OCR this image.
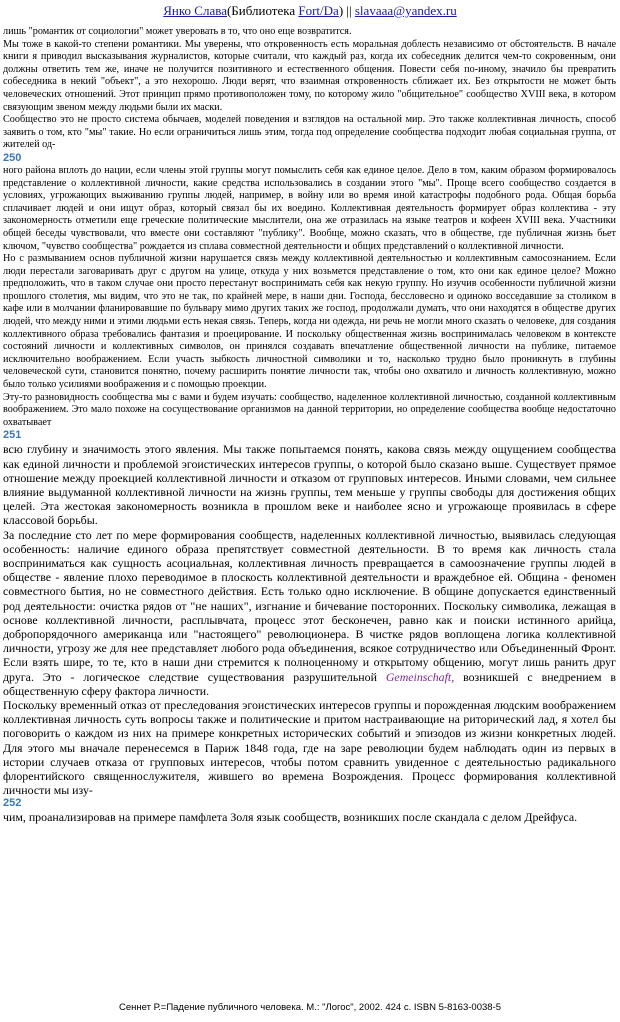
Янко Слава(Библиотека Fort/Da) || slavaaa@yandex.ru

лишь "романтик от социологии" может уверовать в то, что оно еще возвратится.

Мы тоже в какой-то степени романтики. Мы уверены, что откровенность есть моральная доблесть независимо от обстоятельств. В начале книги я приводил высказывания журналистов, которые считали, что каждый раз, когда их собеседник делится чем-то сокровенным, они должны ответить тем же, иначе не получится позитивного и естественного общения. Повести себя по-иному, значило бы превратить собеседника в некий "объект", а это нехорошо. Люди верят, что взаимная откровенность сближает их. Без открытости не может быть человеческих отношений. Этот принцип прямо противоположен тому, по которому жило "общительное" сообщество XVIII века, в котором связующим звеном между людьми были их маски.

Сообщество это не просто система обычаев, моделей поведения и взглядов на остальной мир. Это также коллективная личность, способ заявить о том, кто "мы" такие. Но если ограничиться лишь этим, тогда под определение сообщества подходит любая социальная группа, от жителей од-

250

ного района вплоть до нации, если члены этой группы могут помыслить себя как единое целое. Дело в том, каким образом формировалось представление о коллективной личности, какие средства использовались в создании этого "мы". Проще всего сообщество создается в условиях, угрожающих выживанию группы людей, например, в войну или во время иной катастрофы подобного рода. Общая борьба сплачивает людей и они ищут образ, который связал бы их воедино. Коллективная деятельность формирует образ коллектива - эту закономерность отметили еще греческие политические мыслители, она же отразилась на языке театров и кофеен XVIII века. Участники общей беседы чувствовали, что вместе они составляют "публику". Вообще, можно сказать, что в обществе, где публичная жизнь бьет ключом, "чувство сообщества" рождается из сплава совместной деятельности и общих представлений о коллективной личности.

Но с размыванием основ публичной жизни нарушается связь между коллективной деятельностью и коллективным самосознанием. Если люди перестали заговаривать друг с другом на улице, откуда у них возьмется представление о том, кто они как единое целое? Можно предположить, что в таком случае они просто перестанут воспринимать себя как некую группу. Но изучив особенности публичной жизни прошлого столетия, мы видим, что это не так, по крайней мере, в наши дни. Господа, бессловесно и одиноко восседавшие за столиком в кафе или в молчании фланировавшие по бульвару мимо других таких же господ, продолжали думать, что они находятся в обществе других людей, что между ними и этими людьми есть некая связь. Теперь, когда ни одежда, ни речь не могли много сказать о человеке, для создания коллективного образа требовались фантазия и проецирование. И поскольку общественная жизнь воспринималась человеком в контексте состояний личности и коллективных символов, он принялся создавать впечатление общественной личности на публике, питаемое исключительно воображением. Если участь зыбкость личностной символики и то, насколько трудно было проникнуть в глубины человеческой сути, становится понятно, почему расширить понятие личности так, чтобы оно охватило и личность коллективную, можно было только усилиями воображения и с помощью проекции.

Эту-то разновидность сообщества мы с вами и будем изучать: сообщество, наделенное коллективной личностью, созданной коллективным воображением. Это мало похоже на сосуществование организмов на данной территории, но определение сообщества вообще недостаточно охватывает

251

всю глубину и значимость этого явления. Мы также попытаемся понять, какова связь между ощущением сообщества как единой личности и проблемой эгоистических интересов группы, о которой было сказано выше. Существует прямое отношение между проекцией коллективной личности и отказом от групповых интересов. Иными словами, чем сильнее влияние выдуманной коллективной личности на жизнь группы, тем меньше у группы свободы для достижения общих целей. Эта жестокая закономерность возникла в прошлом веке и наиболее ясно и угрожающе проявилась в сфере классовой борьбы.

За последние сто лет по мере формирования сообществ, наделенных коллективной личностью, выявилась следующая особенность: наличие единого образа препятствует совместной деятельности. В то время как личность стала восприниматься как сущность асоциальная, коллективная личность превращается в самоозначение группы людей в обществе - явление плохо переводимое в плоскость коллективной деятельности и враждебное ей. Община - феномен совместного бытия, но не совместного действия. Есть только одно исключение. В общине допускается единственный род деятельности: очистка рядов от "не наших", изгнание и бичевание посторонних. Поскольку символика, лежащая в основе коллективной личности, расплывчата, процесс этот бесконечен, равно как и поиски истинного арийца, добропорядочного американца или "настоящего" революционера. В чистке рядов воплощена логика коллективной личности, угрозу же для нее представляет любого рода объединения, всякое сотрудничество или Объединенный Фронт. Если взять шире, то те, кто в наши дни стремится к полноценному и открытому общению, могут лишь ранить друг друга. Это - логическое следствие существования разрушительной Gemeinschaft, возникшей с внедрением в общественную сферу фактора личности.

Поскольку временный отказ от преследования эгоистических интересов группы и порожденная людским воображением коллективная личность суть вопросы также и политические и притом настраивающие на риторический лад, я хотел бы поговорить о каждом из них на примере конкретных исторических событий и эпизодов из жизни конкретных людей. Для этого мы вначале перенесемся в Париж 1848 года, где на заре революции будем наблюдать один из первых в истории случаев отказа от групповых интересов, чтобы потом сравнить увиденное с деятельностью радикального флорентийского священнослужителя, жившего во времена Возрождения. Процесс формирования коллективной личности мы изу-

252

чим, проанализировав на примере памфлета Золя язык сообществ, возникших после скандала с делом Дрейфуса.

Сеннет Р.=Падение публичного человека. М.: "Логос", 2002. 424 с. ISBN 5-8163-0038-5
